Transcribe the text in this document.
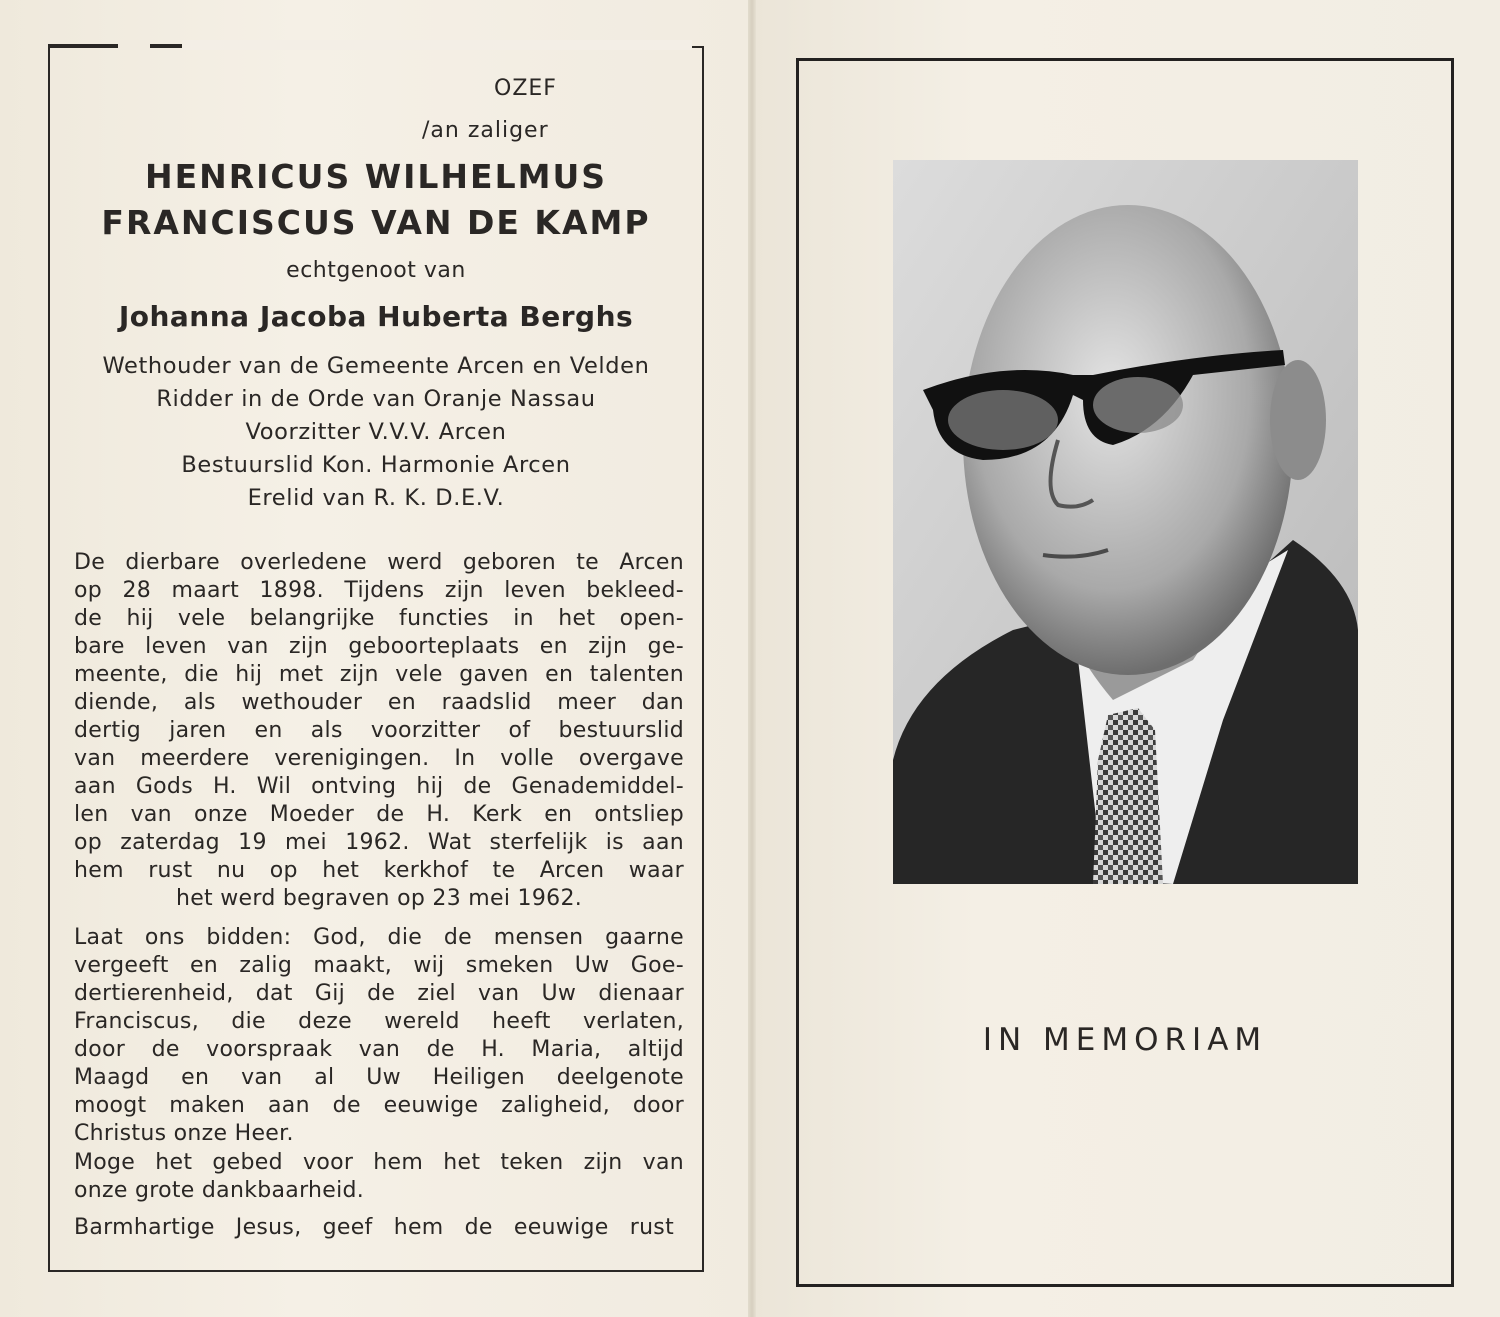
OZEF
/an zaliger
HENRICUS WILHELMUS
FRANCISCUS VAN DE KAMP
echtgenoot van
Johanna Jacoba Huberta Berghs
Wethouder van de Gemeente Arcen en Velden
Ridder in de Orde van Oranje Nassau
Voorzitter V.V.V. Arcen
Bestuurslid Kon. Harmonie Arcen
Erelid van R. K. D.E.V.
De dierbare overledene werd geboren te Arcen
op 28 maart 1898. Tijdens zijn leven bekleed-
de hij vele belangrijke functies in het open-
bare leven van zijn geboorteplaats en zijn ge-
meente, die hij met zijn vele gaven en talenten
diende, als wethouder en raadslid meer dan
dertig jaren en als voorzitter of bestuurslid
van meerdere verenigingen. In volle overgave
aan Gods H. Wil ontving hij de Genademiddel-
len van onze Moeder de H. Kerk en ontsliep
op zaterdag 19 mei 1962. Wat sterfelijk is aan
hem rust nu op het kerkhof te Arcen waar
het werd begraven op 23 mei 1962.
Laat ons bidden: God, die de mensen gaarne
vergeeft en zalig maakt, wij smeken Uw Goe-
dertierenheid, dat Gij de ziel van Uw dienaar
Franciscus, die deze wereld heeft verlaten,
door de voorspraak van de H. Maria, altijd
Maagd en van al Uw Heiligen deelgenote
moogt maken aan de eeuwige zaligheid, door
Christus onze Heer.
Moge het gebed voor hem het teken zijn van
onze grote dankbaarheid.
Barmhartige Jesus, geef hem de eeuwige rust
IN MEMORIAM
